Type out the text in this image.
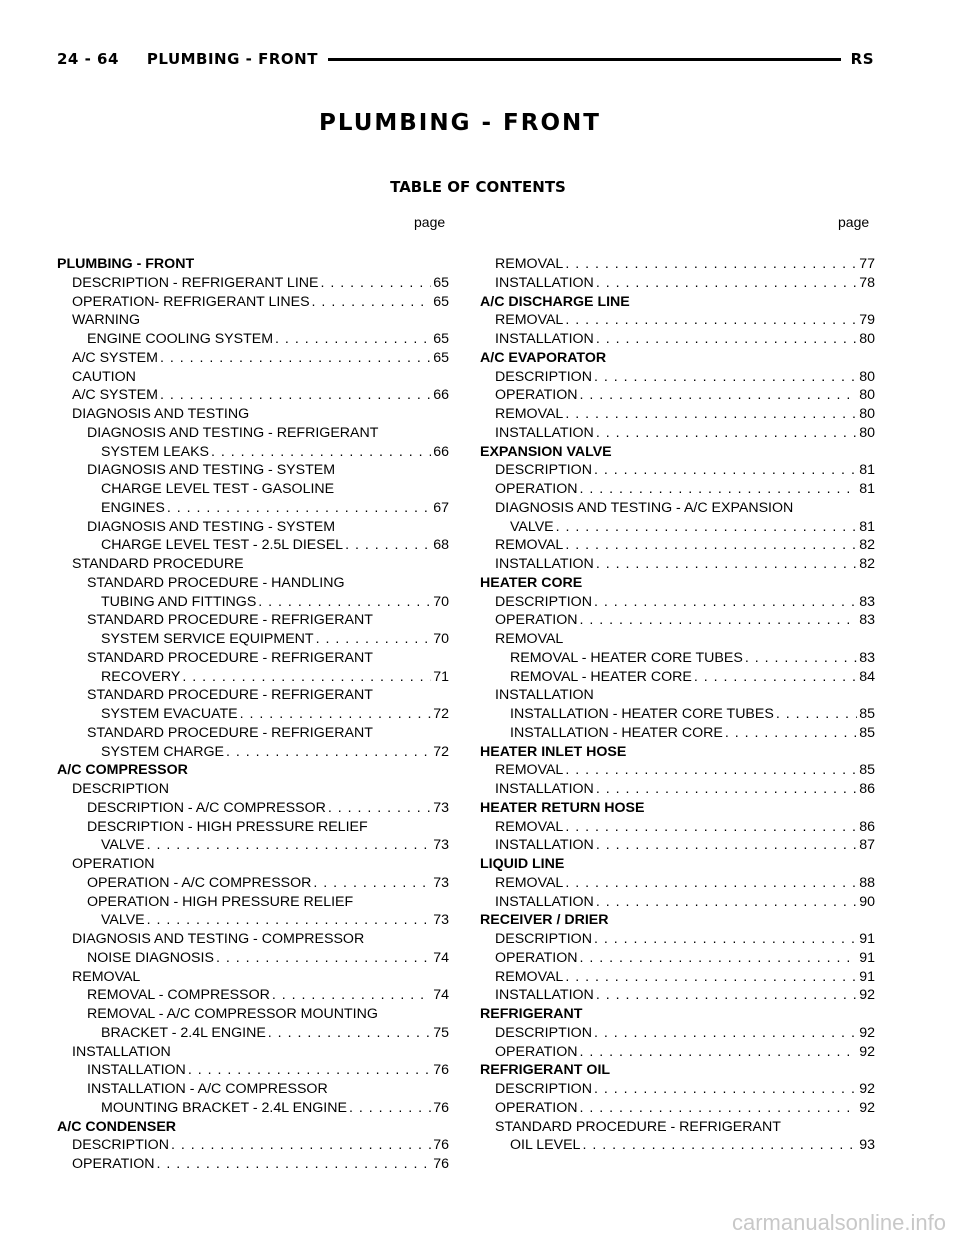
24 - 64 PLUMBING - FRONT	RS
PLUMBING - FRONT
TABLE OF CONTENTS
page	page
PLUMBING - FRONT
DESCRIPTION - REFRIGERANT LINE . . .	65
OPERATION- REFRIGERANT LINES . . .	65
WARNING
ENGINE COOLING SYSTEM . . .	65
A/C SYSTEM . . .	65
CAUTION
A/C SYSTEM . . .	66
DIAGNOSIS AND TESTING
DIAGNOSIS AND TESTING - REFRIGERANT
SYSTEM LEAKS . . .	66
DIAGNOSIS AND TESTING - SYSTEM
CHARGE LEVEL TEST - GASOLINE
ENGINES . . .	67
DIAGNOSIS AND TESTING - SYSTEM
CHARGE LEVEL TEST - 2.5L DIESEL . . .	68
STANDARD PROCEDURE
STANDARD PROCEDURE - HANDLING
TUBING AND FITTINGS . . .	70
STANDARD PROCEDURE - REFRIGERANT
SYSTEM SERVICE EQUIPMENT . . .	70
STANDARD PROCEDURE - REFRIGERANT
RECOVERY . . .	71
STANDARD PROCEDURE - REFRIGERANT
SYSTEM EVACUATE . . .	72
STANDARD PROCEDURE - REFRIGERANT
SYSTEM CHARGE . . .	72
A/C COMPRESSOR
DESCRIPTION
DESCRIPTION - A/C COMPRESSOR . . .	73
DESCRIPTION - HIGH PRESSURE RELIEF
VALVE . . .	73
OPERATION
OPERATION - A/C COMPRESSOR . . .	73
OPERATION - HIGH PRESSURE RELIEF
VALVE . . .	73
DIAGNOSIS AND TESTING - COMPRESSOR
NOISE DIAGNOSIS . . .	74
REMOVAL
REMOVAL - COMPRESSOR . . .	74
REMOVAL - A/C COMPRESSOR MOUNTING
BRACKET - 2.4L ENGINE . . .	75
INSTALLATION
INSTALLATION . . .	76
INSTALLATION - A/C COMPRESSOR
MOUNTING BRACKET - 2.4L ENGINE . . .	76
A/C CONDENSER
DESCRIPTION . . .	76
OPERATION . . .	76
REMOVAL . . .	77
INSTALLATION . . .	78
A/C DISCHARGE LINE
REMOVAL . . .	79
INSTALLATION . . .	80
A/C EVAPORATOR
DESCRIPTION . . .	80
OPERATION . . .	80
REMOVAL . . .	80
INSTALLATION . . .	80
EXPANSION VALVE
DESCRIPTION . . .	81
OPERATION . . .	81
DIAGNOSIS AND TESTING - A/C EXPANSION
VALVE . . .	81
REMOVAL . . .	82
INSTALLATION . . .	82
HEATER CORE
DESCRIPTION . . .	83
OPERATION . . .	83
REMOVAL
REMOVAL - HEATER CORE TUBES . . .	83
REMOVAL - HEATER CORE . . .	84
INSTALLATION
INSTALLATION - HEATER CORE TUBES . . .	85
INSTALLATION - HEATER CORE . . .	85
HEATER INLET HOSE
REMOVAL . . .	85
INSTALLATION . . .	86
HEATER RETURN HOSE
REMOVAL . . .	86
INSTALLATION . . .	87
LIQUID LINE
REMOVAL . . .	88
INSTALLATION . . .	90
RECEIVER / DRIER
DESCRIPTION . . .	91
OPERATION . . .	91
REMOVAL . . .	91
INSTALLATION . . .	92
REFRIGERANT
DESCRIPTION . . .	92
OPERATION . . .	92
REFRIGERANT OIL
DESCRIPTION . . .	92
OPERATION . . .	92
STANDARD PROCEDURE - REFRIGERANT
OIL LEVEL . . .	93
carmanualsonline.info
